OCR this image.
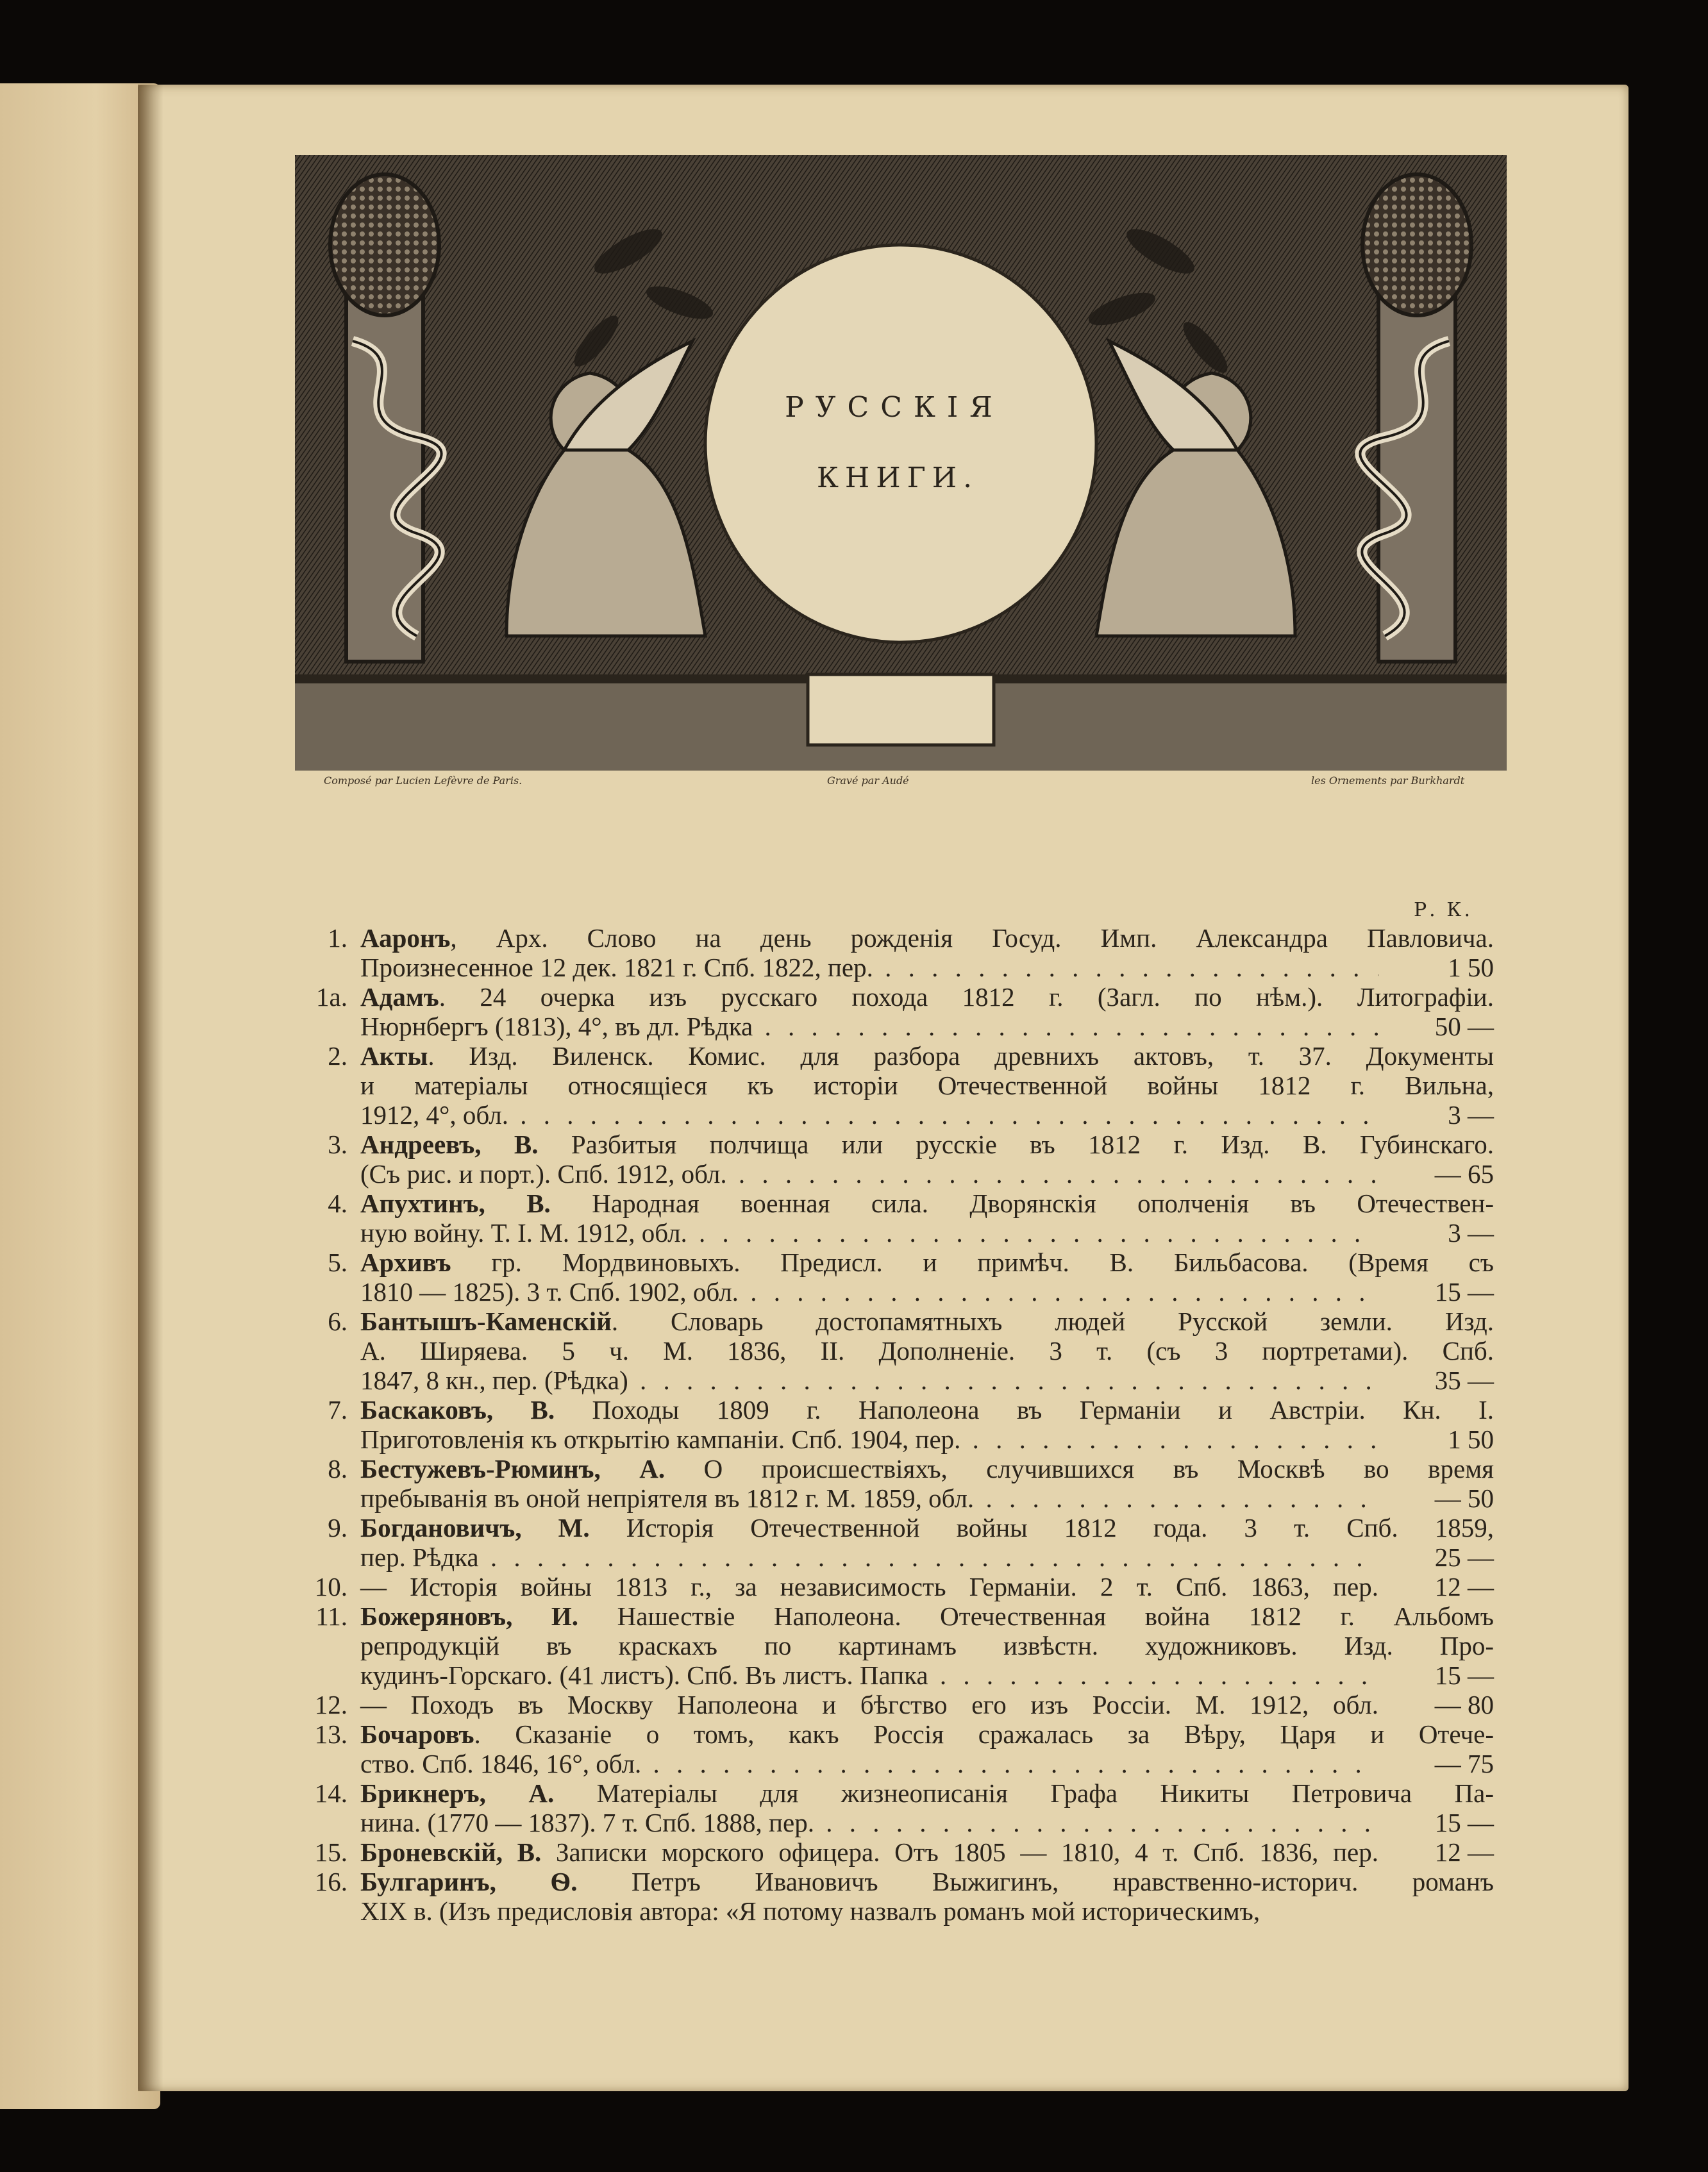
РУССКІЯ
КНИГИ.
Composé par Lucien Lefèvre de Paris.	Gravé par Audé	les Ornements par Burkhardt
Р. К.
1. Ааронъ, Арх. Слово на день рожденія Госуд. Имп. Александра Павловича.
Произнесенное 12 дек. 1821 г. Спб. 1822, пер. . . .	1 50
1а. Адамъ. 24 очерка изъ русскаго похода 1812 г. (Загл. по нѣм.). Литографіи.
Нюрнбергъ (1813), 4°, въ дл. Рѣдка . . .	50 —
2. Акты. Изд. Виленск. Комис. для разбора древнихъ актовъ, т. 37. Документы
и матеріалы относящіеся къ исторіи Отечественной войны 1812 г. Вильна,
1912, 4°, обл. . . .	3 —
3. Андреевъ, В. Разбитыя полчища или русскіе въ 1812 г. Изд. В. Губинскаго.
(Съ рис. и порт.). Спб. 1912, обл. . . .	— 65
4. Апухтинъ, В. Народная военная сила. Дворянскія ополченія въ Отечествен-
ную войну. Т. I. М. 1912, обл. . . .	3 —
5. Архивъ гр. Мордвиновыхъ. Предисл. и примѣч. В. Бильбасова. (Время съ
1810 — 1825). 3 т. Спб. 1902, обл. . . .	15 —
6. Бантышъ-Каменскій. Словарь достопамятныхъ людей Русской земли. Изд.
А. Ширяева. 5 ч. М. 1836, II. Дополненіе. 3 т. (съ 3 портретами). Спб.
1847, 8 кн., пер. (Рѣдка) . . .	35 —
7. Баскаковъ, В. Походы 1809 г. Наполеона въ Германіи и Австріи. Кн. I.
Приготовленія къ открытію кампаніи. Спб. 1904, пер. . . .	1 50
8. Бестужевъ-Рюминъ, А. О происшествіяхъ, случившихся въ Москвѣ во время
пребыванія въ оной непріятеля въ 1812 г. М. 1859, обл. . . .	— 50
9. Богдановичъ, М. Исторія Отечественной войны 1812 года. 3 т. Спб. 1859,
пер. Рѣдка . . .	25 —
10. — Исторія войны 1813 г., за независимость Германіи. 2 т. Спб. 1863, пер.	12 —
11. Божеряновъ, И. Нашествіе Наполеона. Отечественная война 1812 г. Альбомъ
репродукцій въ краскахъ по картинамъ извѣстн. художниковъ. Изд. Про-
кудинъ-Горскаго. (41 листъ). Спб. Въ листъ. Папка . . .	15 —
12. — Походъ въ Москву Наполеона и бѣгство его изъ Россіи. М. 1912, обл.	— 80
13. Бочаровъ. Сказаніе о томъ, какъ Россія сражалась за Вѣру, Царя и Отече-
ство. Спб. 1846, 16°, обл. . . .	— 75
14. Брикнеръ, А. Матеріалы для жизнеописанія Графа Никиты Петровича Па-
нина. (1770 — 1837). 7 т. Спб. 1888, пер. . . .	15 —
15. Броневскій, В. Записки морского офицера. Отъ 1805 — 1810, 4 т. Спб. 1836, пер.	12 —
16. Булгаринъ, Ѳ. Петръ Ивановичъ Выжигинъ, нравственно-историч. романъ
XIX в. (Изъ предисловія автора: «Я потому назвалъ романъ мой историческимъ,
